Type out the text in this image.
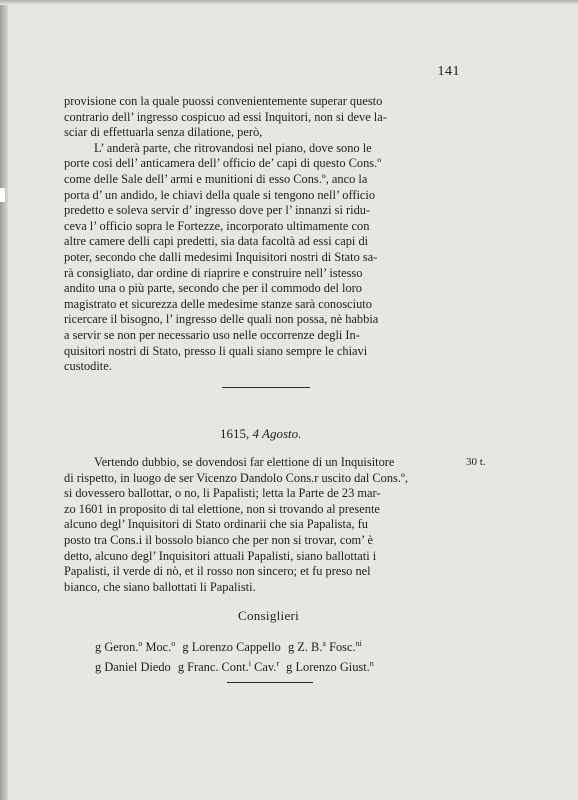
141

provisione con la quale puossi convenientemente superar questo

contrario dell’ ingresso cospicuo ad essi Inquitori, non si deve la-

sciar di effettuarla senza dilatione, però,

L’ anderà parte, che ritrovandosi nel piano, dove sono le

porte così dell’ anticamera dell’ officio de’ capi di questo Cons.º

come delle Sale dell’ armi e munitioni di esso Cons.º, anco la

porta d’ un andido, le chiavi della quale si tengono nell’ officio

predetto e soleva servir d’ ingresso dove per l’ innanzi si ridu-

ceva l’ officio sopra le Fortezze, incorporato ultimamente con

altre camere delli capi predetti, sia data facoltà ad essi capi di

poter, secondo che dalli medesimi Inquisitori nostri di Stato sa-

rà consigliato, dar ordine di riaprire e construire nell’ istesso

andito una o più parte, secondo che per il commodo del loro

magistrato et sicurezza delle medesime stanze sarà conosciuto

ricercare il bisogno, l’ ingresso delle quali non possa, nè habbia

a servir se non per necessario uso nelle occorrenze degli In-

quisitori nostri di Stato, presso li quali siano sempre le chiavi

custodite.

1615, 4 Agosto.
30 t.

Vertendo dubbio, se dovendosi far elettione di un Inquisitore

di rispetto, in luogo de ser Vicenzo Dandolo Cons.r uscito dal Cons.º,

si dovessero ballottar, o no, li Papalisti; letta la Parte de 23 mar-

zo 1601 in proposito di tal elettione, non si trovando al presente

alcuno degl’ Inquisitori di Stato ordinarii che sia Papalista, fu

posto tra Cons.i il bossolo bianco che per non si trovar, com’ è

detto, alcuno degl’ Inquisitori attuali Papalisti, siano ballottati i

Papalisti, il verde di nò, et il rosso non sincero; et fu preso nel

bianco, che siano ballottati li Papalisti.

Consiglieri
g Geron.$^o$ Moc.$^o$ g Lorenzo Cappello g Z. B.$^a$ Fosc.$^{ni}$
g Daniel Diedo g Franc. Cont.$^i$ Cav.$^r$ g Lorenzo Giust.$^n$
